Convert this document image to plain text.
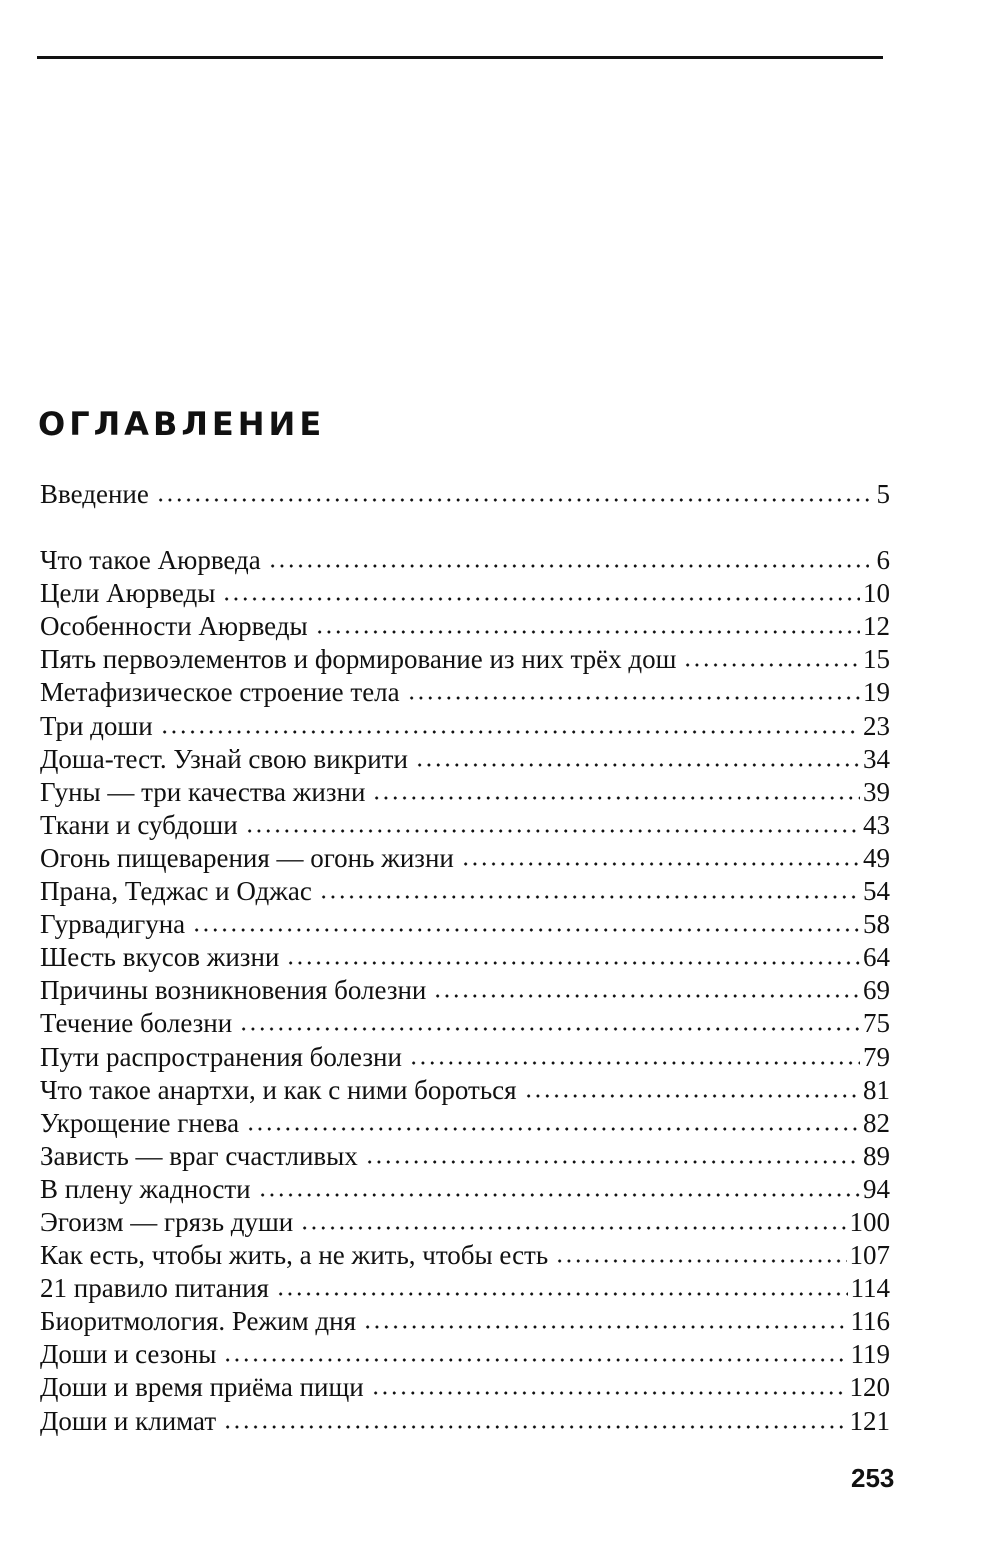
ОГЛАВЛЕНИЕ
Введение	5
Что такое Аюрведа	6
Цели Аюрведы	10
Особенности Аюрведы	12
Пять первоэлементов и формирование из них трёх дош	15
Метафизическое строение тела	19
Три доши	23
Доша-тест. Узнай свою викрити	34
Гуны — три качества жизни	39
Ткани и субдоши	43
Огонь пищеварения — огонь жизни	49
Прана, Теджас и Оджас	54
Гурвадигуна	58
Шесть вкусов жизни	64
Причины возникновения болезни	69
Течение болезни	75
Пути распространения болезни	79
Что такое анартхи, и как с ними бороться	81
Укрощение гнева	82
Зависть — враг счастливых	89
В плену жадности	94
Эгоизм — грязь души	100
Как есть, чтобы жить, а не жить, чтобы есть	107
21 правило питания	114
Биоритмология. Режим дня	116
Доши и сезоны	119
Доши и время приёма пищи	120
Доши и климат	121
253
